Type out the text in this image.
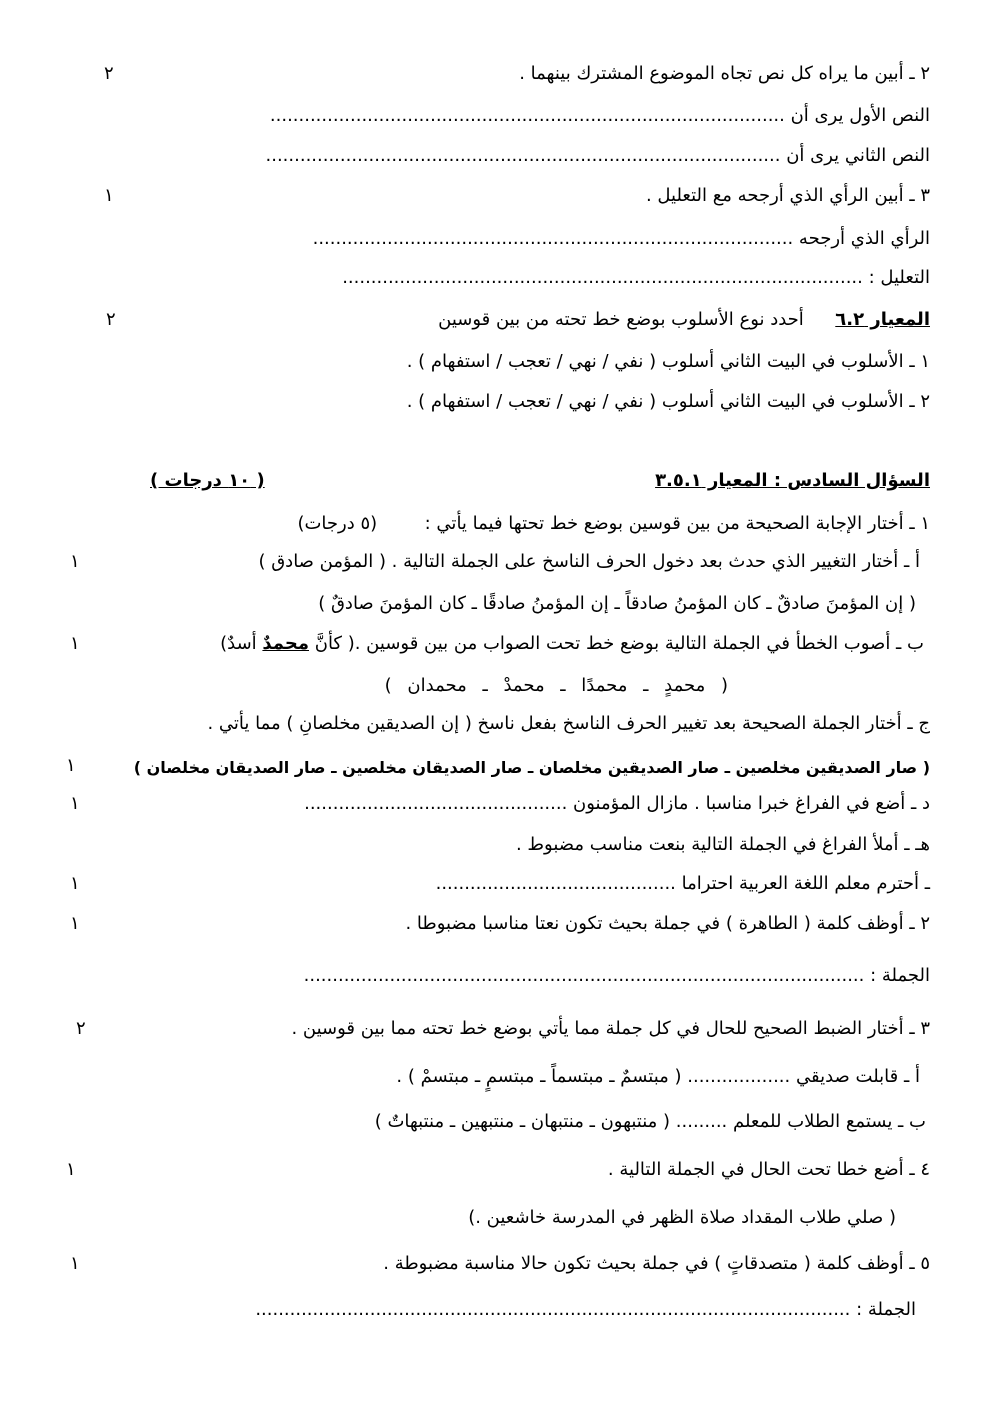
٢ ـ أبين ما يراه كل نص تجاه الموضوع المشترك بينهما .
٢
النص الأول يرى أن ..........................................................................................
النص الثاني يرى أن ..........................................................................................
٣ ـ أبين الرأي الذي أرجحه مع التعليل .
١
الرأي الذي أرجحه ....................................................................................
التعليل : ...........................................................................................
المعيار ٦.٢  أحدد نوع الأسلوب بوضع خط تحته من بين قوسين
٢
١ ـ الأسلوب في البيت الثاني أسلوب ( نفي / نهي / تعجب / استفهام ) .
٢ ـ الأسلوب في البيت الثاني أسلوب ( نفي / نهي / تعجب / استفهام ) .
السؤال السادس : المعيار ٣.٥.١
( ١٠ درجات )
١ ـ أختار الإجابة الصحيحة من بين قوسين بوضع خط تحتها فيما يأتي :  (٥ درجات)
أ ـ أختار التغيير الذي حدث بعد دخول الحرف الناسخ على الجملة التالية . ( المؤمن صادق )
١
( إن المؤمنَ صادقٌ ـ كان المؤمنُ صادقاً ـ إن المؤمنُ صادقًا ـ كان المؤمنَ صادقٌ )
ب ـ أصوب الخطأ في الجملة التالية بوضع خط تحت الصواب من بين قوسين .( كأنَّ محمدٌ أسدٌ)
١
( محمدٍ ـ محمدًا ـ محمدْ ـ محمدان )
ج ـ أختار الجملة الصحيحة بعد تغيير الحرف الناسخ بفعل ناسخ ( إن الصديقين مخلصانِ ) مما يأتي .
( صار الصديقين مخلصين ـ صار الصديقين مخلصان ـ صار الصديقان مخلصين ـ صار الصديقان مخلصان )
١
د ـ أضع في الفراغ خبرا مناسبا . مازال المؤمنون ..............................................
١
هـ ـ أملأ الفراغ في الجملة التالية بنعت مناسب مضبوط .
ـ أحترم معلم اللغة العربية احتراما ..........................................
١
٢ ـ أوظف كلمة ( الطاهرة ) في جملة بحيث تكون نعتا مناسبا مضبوطا .
١
الجملة : ..................................................................................................
٣ ـ أختار الضبط الصحيح للحال في كل جملة مما يأتي بوضع خط تحته مما بين قوسين .
٢
أ ـ قابلت صديقي .................. ( مبتسمٌ ـ مبتسماً ـ مبتسمٍ ـ مبتسمْ ) .
ب ـ يستمع الطلاب للمعلم ......... ( منتبهون ـ منتبهان ـ منتبهين ـ منتبهاتٌ )
٤ ـ أضع خطا تحت الحال في الجملة التالية .
١
( صلي طلاب المقداد صلاة الظهر في المدرسة خاشعين .)
٥ ـ أوظف كلمة ( متصدقاتٍ ) في جملة بحيث تكون حالا مناسبة مضبوطة .
١
الجملة : ........................................................................................................
